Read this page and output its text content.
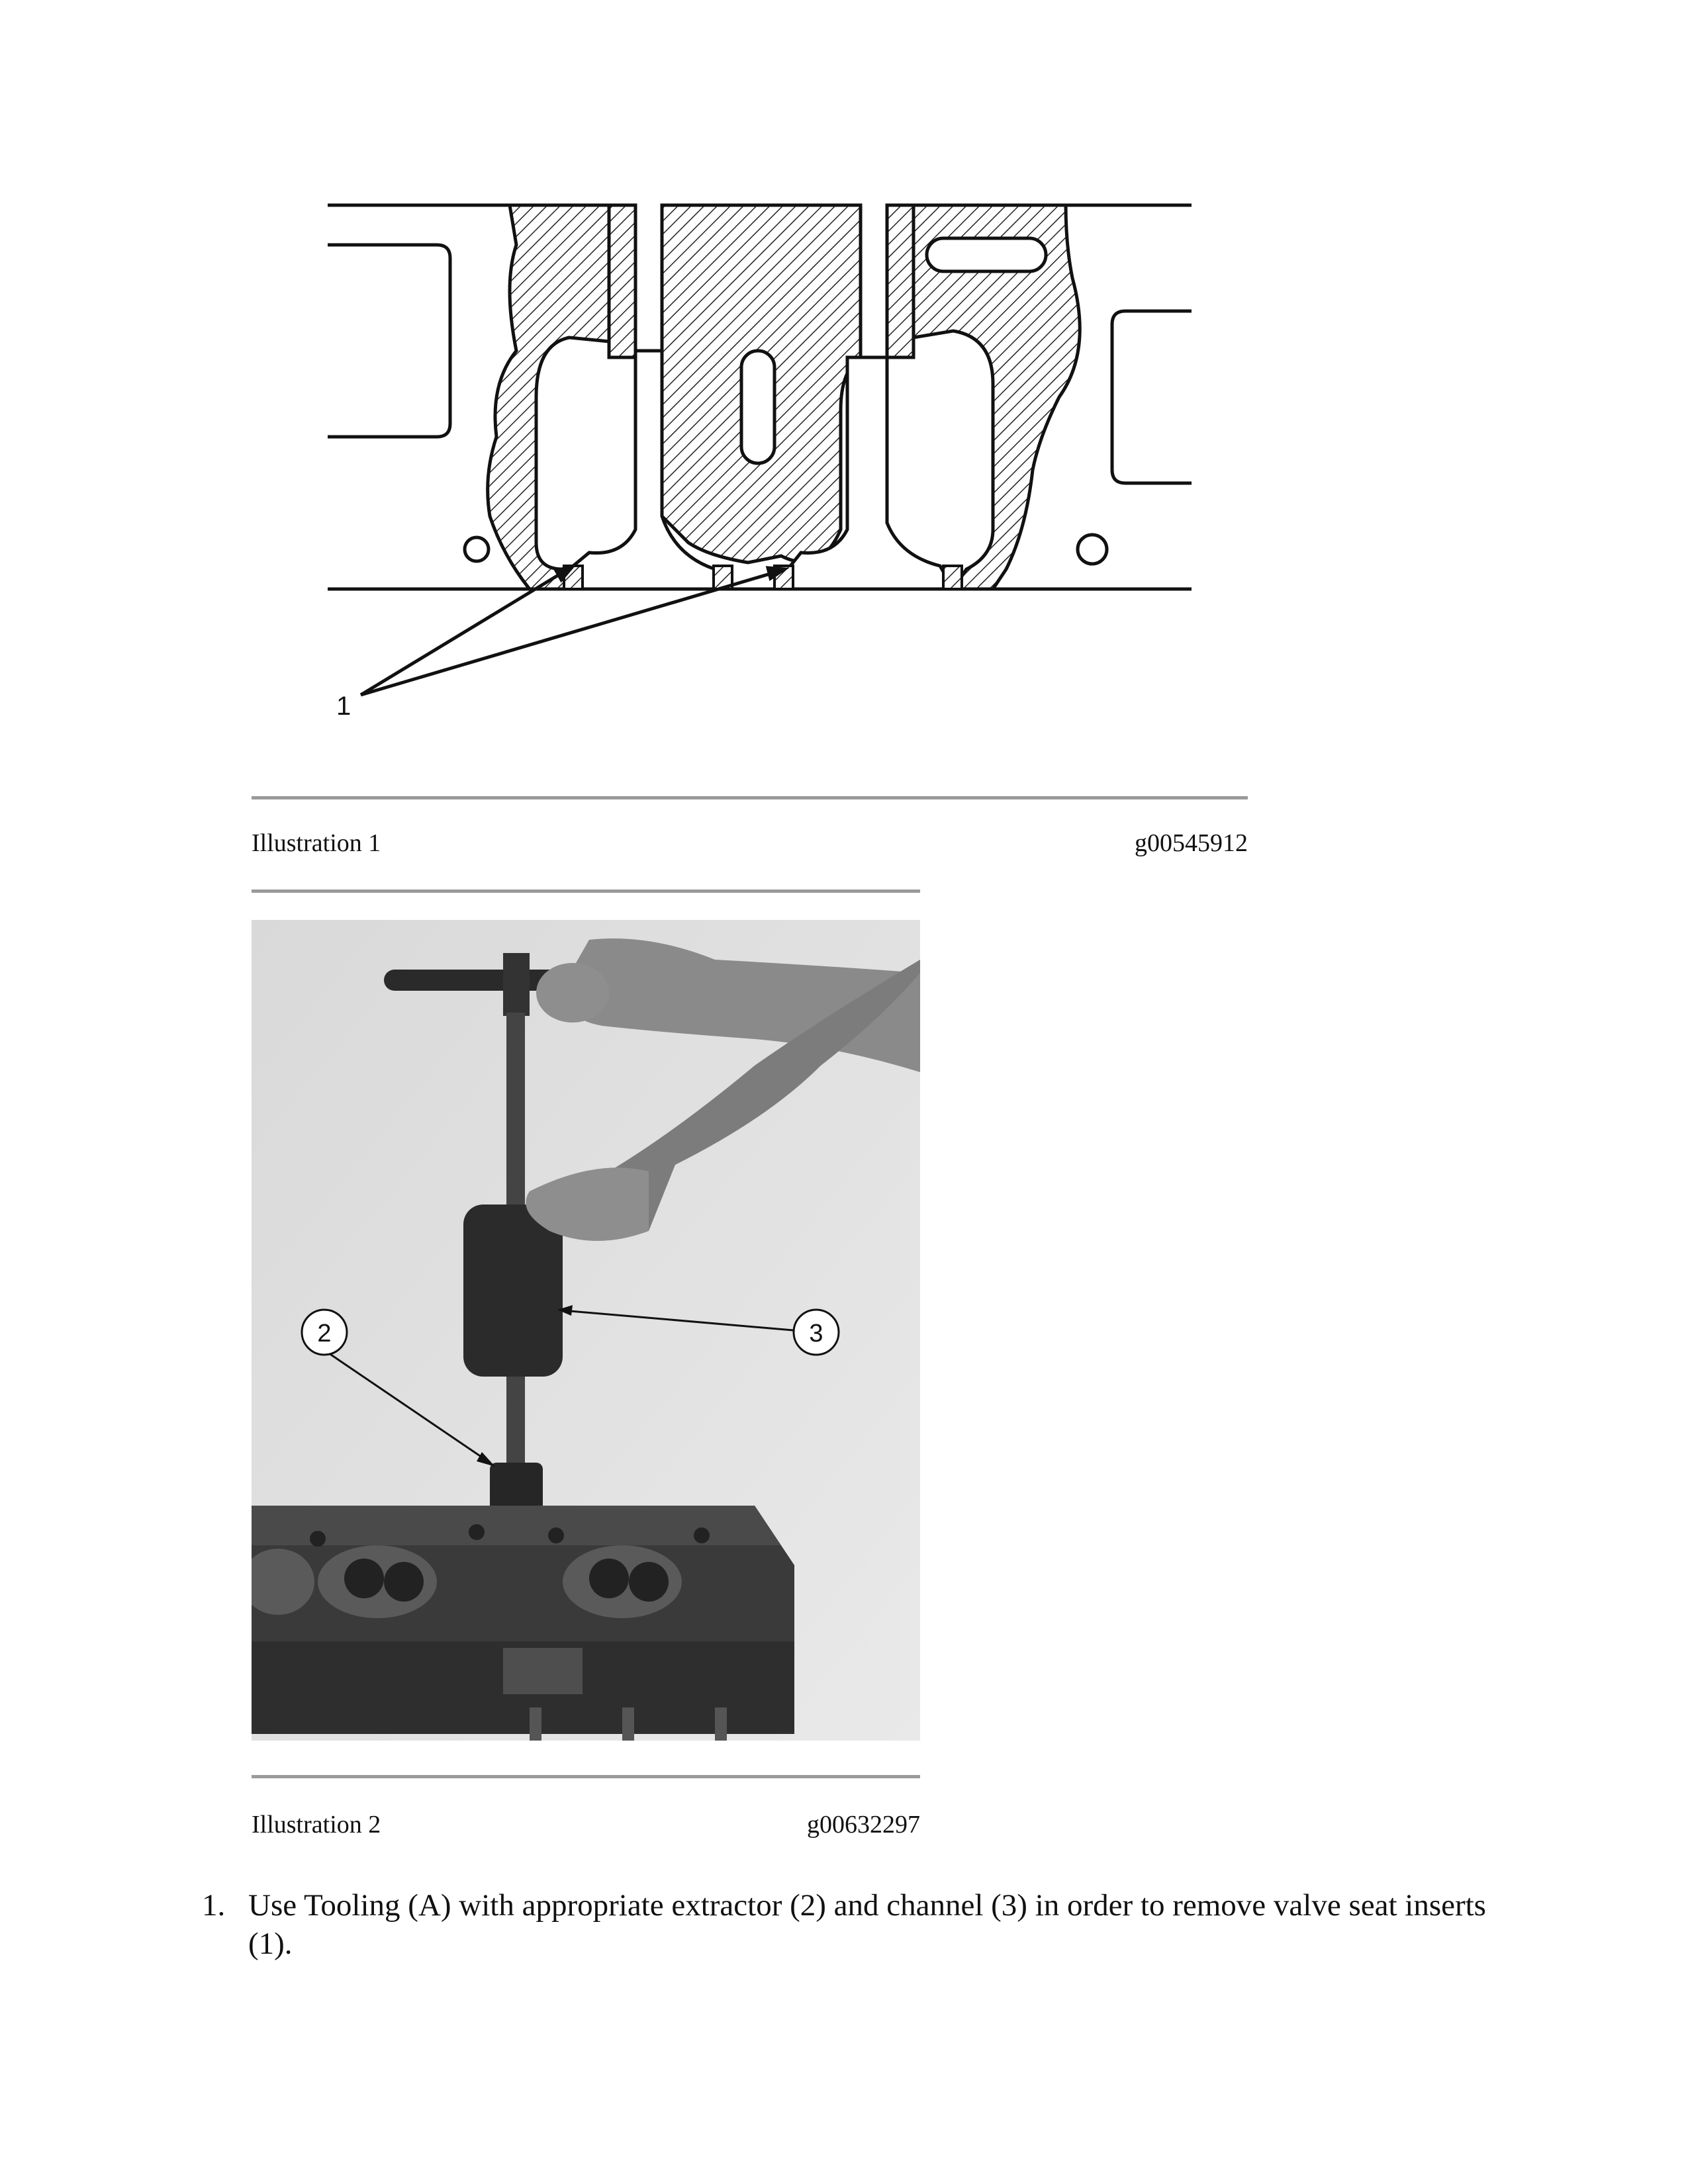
1
Illustration 1	g00545912
2	3
Illustration 2	g00632297
1. Use Tooling (A) with appropriate extractor (2) and channel (3) in order to remove valve seat inserts (1).
